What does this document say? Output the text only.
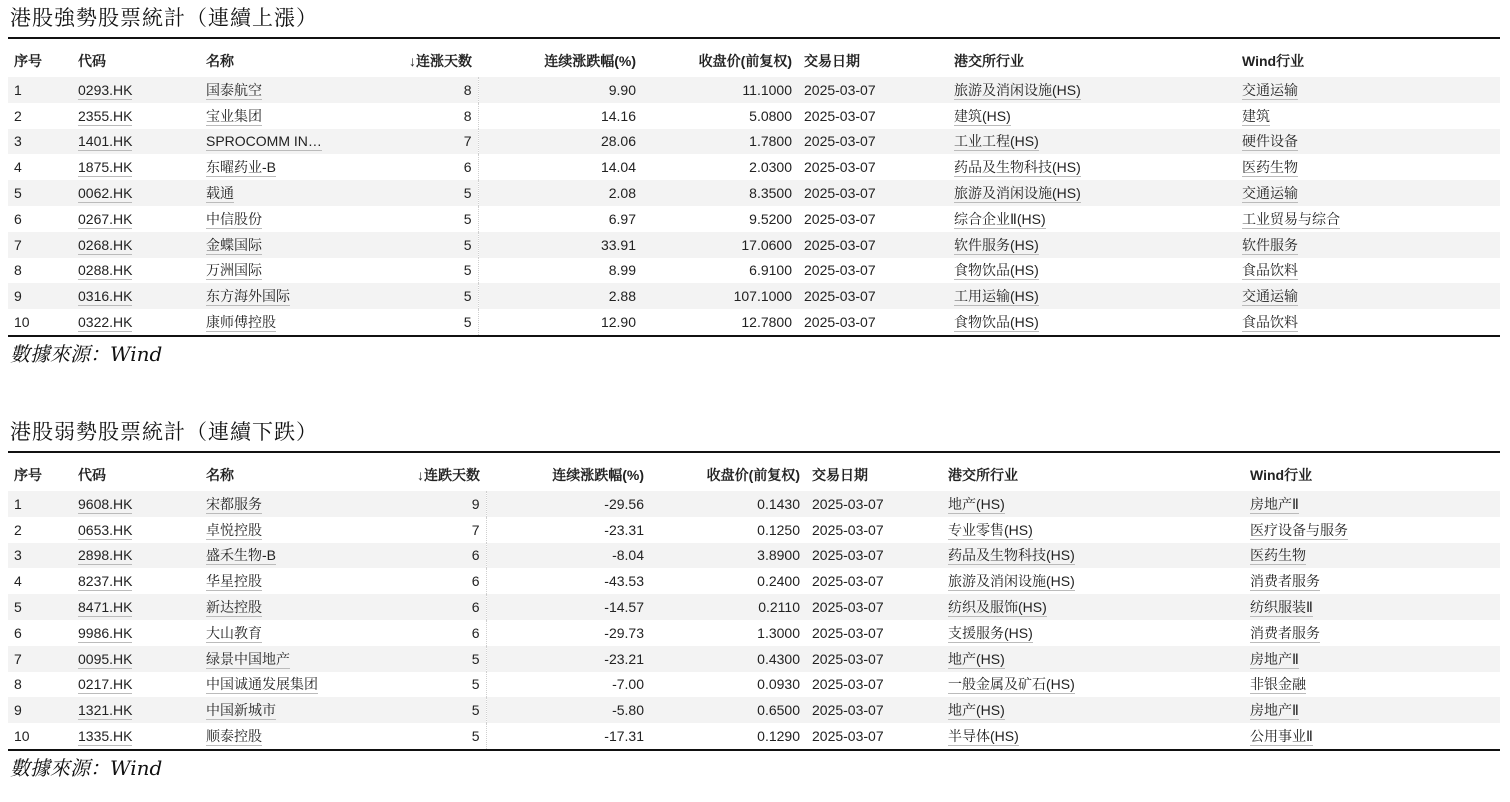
港股強勢股票統計（連續上漲）
序号	代码	名称	↓连涨天数	连续涨跌幅(%)	收盘价(前复权)	交易日期	港交所行业	Wind行业
1	0293.HK	国泰航空	8	9.90	11.1000	2025-03-07	旅游及消闲设施(HS)	交通运输
2	2355.HK	宝业集团	8	14.16	5.0800	2025-03-07	建筑(HS)	建筑
3	1401.HK	SPROCOMM IN…	7	28.06	1.7800	2025-03-07	工业工程(HS)	硬件设备
4	1875.HK	东曜药业-B	6	14.04	2.0300	2025-03-07	药品及生物科技(HS)	医药生物
5	0062.HK	载通	5	2.08	8.3500	2025-03-07	旅游及消闲设施(HS)	交通运输
6	0267.HK	中信股份	5	6.97	9.5200	2025-03-07	综合企业Ⅱ(HS)	工业贸易与综合
7	0268.HK	金蝶国际	5	33.91	17.0600	2025-03-07	软件服务(HS)	软件服务
8	0288.HK	万洲国际	5	8.99	6.9100	2025-03-07	食物饮品(HS)	食品饮料
9	0316.HK	东方海外国际	5	2.88	107.1000	2025-03-07	工用运输(HS)	交通运输
10	0322.HK	康师傅控股	5	12.90	12.7800	2025-03-07	食物饮品(HS)	食品饮料
數據來源：Wind
港股弱勢股票統計（連續下跌）
序号	代码	名称	↓连跌天数	连续涨跌幅(%)	收盘价(前复权)	交易日期	港交所行业	Wind行业
1	9608.HK	宋都服务	9	-29.56	0.1430	2025-03-07	地产(HS)	房地产Ⅱ
2	0653.HK	卓悦控股	7	-23.31	0.1250	2025-03-07	专业零售(HS)	医疗设备与服务
3	2898.HK	盛禾生物-B	6	-8.04	3.8900	2025-03-07	药品及生物科技(HS)	医药生物
4	8237.HK	华星控股	6	-43.53	0.2400	2025-03-07	旅游及消闲设施(HS)	消费者服务
5	8471.HK	新达控股	6	-14.57	0.2110	2025-03-07	纺织及服饰(HS)	纺织服装Ⅱ
6	9986.HK	大山教育	6	-29.73	1.3000	2025-03-07	支援服务(HS)	消费者服务
7	0095.HK	绿景中国地产	5	-23.21	0.4300	2025-03-07	地产(HS)	房地产Ⅱ
8	0217.HK	中国诚通发展集团	5	-7.00	0.0930	2025-03-07	一般金属及矿石(HS)	非银金融
9	1321.HK	中国新城市	5	-5.80	0.6500	2025-03-07	地产(HS)	房地产Ⅱ
10	1335.HK	顺泰控股	5	-17.31	0.1290	2025-03-07	半导体(HS)	公用事业Ⅱ
數據來源：Wind
